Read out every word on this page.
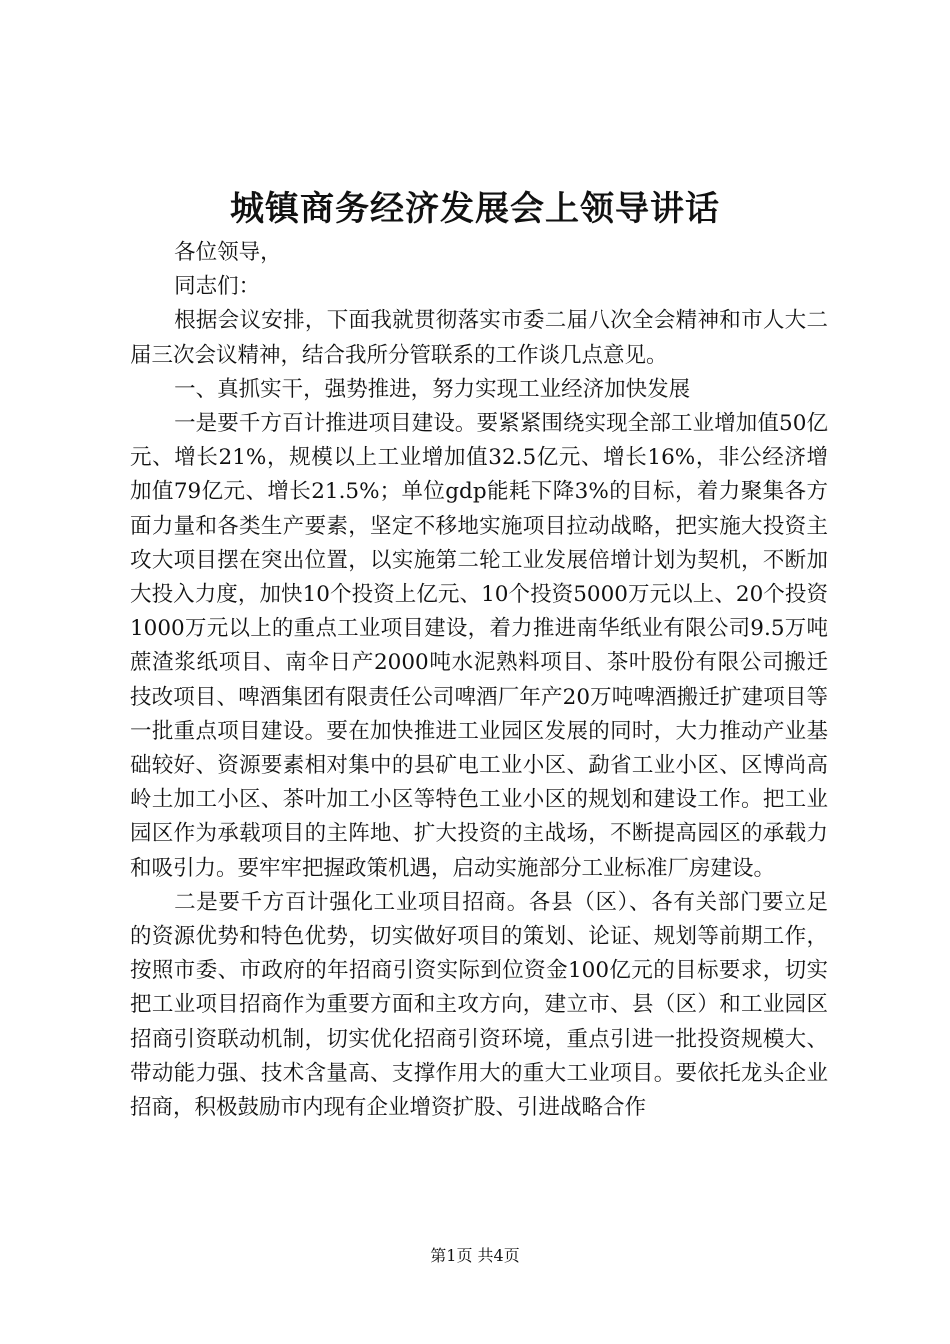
城镇商务经济发展会上领导讲话

各位领导，

同志们：

根据会议安排，下面我就贯彻落实市委二届八次全会精神和市人大二届三次会议精神，结合我所分管联系的工作谈几点意见。

一、真抓实干，强势推进，努力实现工业经济加快发展

一是要千方百计推进项目建设。要紧紧围绕实现全部工业增加值50亿元、增长21%，规模以上工业增加值32.5亿元、增长16%，非公经济增加值79亿元、增长21.5%；单位gdp能耗下降3%的目标，着力聚集各方面力量和各类生产要素，坚定不移地实施项目拉动战略，把实施大投资主攻大项目摆在突出位置，以实施第二轮工业发展倍增计划为契机，不断加大投入力度，加快10个投资上亿元、10个投资5000万元以上、20个投资1000万元以上的重点工业项目建设，着力推进南华纸业有限公司9.5万吨蔗渣浆纸项目、南伞日产2000吨水泥熟料项目、茶叶股份有限公司搬迁技改项目、啤酒集团有限责任公司啤酒厂年产20万吨啤酒搬迁扩建项目等一批重点项目建设。要在加快推进工业园区发展的同时，大力推动产业基础较好、资源要素相对集中的县矿电工业小区、勐省工业小区、区博尚高岭土加工小区、茶叶加工小区等特色工业小区的规划和建设工作。把工业园区作为承载项目的主阵地、扩大投资的主战场，不断提高园区的承载力和吸引力。要牢牢把握政策机遇，启动实施部分工业标准厂房建设。

二是要千方百计强化工业项目招商。各县（区）、各有关部门要立足的资源优势和特色优势，切实做好项目的策划、论证、规划等前期工作，按照市委、市政府的年招商引资实际到位资金100亿元的目标要求，切实把工业项目招商作为重要方面和主攻方向，建立市、县（区）和工业园区招商引资联动机制，切实优化招商引资环境，重点引进一批投资规模大、带动能力强、技术含量高、支撑作用大的重大工业项目。要依托龙头企业招商，积极鼓励市内现有企业增资扩股、引进战略合作

第1页 共4页
